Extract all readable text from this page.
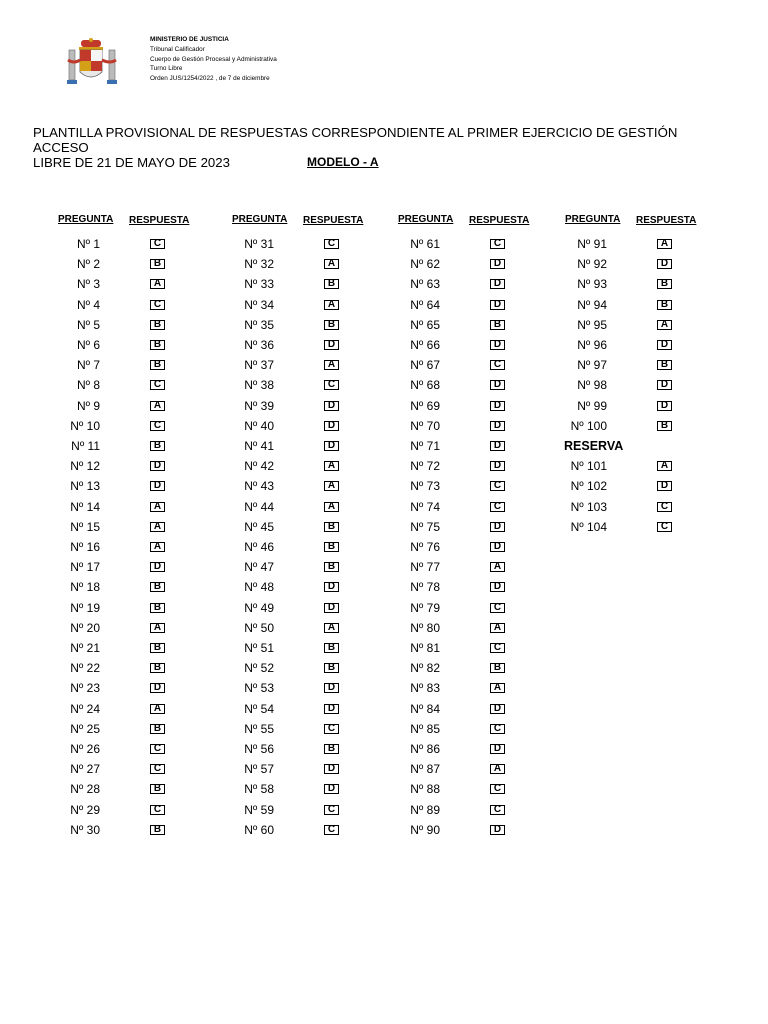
MINISTERIO DE JUSTICIA
Tribunal Calificador
Cuerpo de Gestión Procesal y Administrativa
Turno Libre
Orden JUS/1254/2022 , de 7 de diciembre
PLANTILLA PROVISIONAL DE RESPUESTAS CORRESPONDIENTE AL PRIMER EJERCICIO DE GESTIÓN ACCESO
LIBRE DE 21 DE MAYO DE 2023	MODELO - A
PREGUNTA RESPUESTA	PREGUNTA RESPUESTA	PREGUNTA RESPUESTA	PREGUNTA RESPUESTA
Nº 1	C
Nº 2	B
Nº 3	A
Nº 4	C
Nº 5	B
Nº 6	B
Nº 7	B
Nº 8	C
Nº 9	A
Nº 10	C
Nº 11	B
Nº 12	D
Nº 13	D
Nº 14	A
Nº 15	A
Nº 16	A
Nº 17	D
Nº 18	B
Nº 19	B
Nº 20	A
Nº 21	B
Nº 22	B
Nº 23	D
Nº 24	A
Nº 25	B
Nº 26	C
Nº 27	C
Nº 28	B
Nº 29	C
Nº 30	B
Nº 31	C
Nº 32	A
Nº 33	B
Nº 34	A
Nº 35	B
Nº 36	D
Nº 37	A
Nº 38	C
Nº 39	D
Nº 40	D
Nº 41	D
Nº 42	A
Nº 43	A
Nº 44	A
Nº 45	B
Nº 46	B
Nº 47	B
Nº 48	D
Nº 49	D
Nº 50	A
Nº 51	B
Nº 52	B
Nº 53	D
Nº 54	D
Nº 55	C
Nº 56	B
Nº 57	D
Nº 58	D
Nº 59	C
Nº 60	C
Nº 61	C
Nº 62	D
Nº 63	D
Nº 64	D
Nº 65	B
Nº 66	D
Nº 67	C
Nº 68	D
Nº 69	D
Nº 70	D
Nº 71	D
Nº 72	D
Nº 73	C
Nº 74	C
Nº 75	D
Nº 76	D
Nº 77	A
Nº 78	D
Nº 79	C
Nº 80	A
Nº 81	C
Nº 82	B
Nº 83	A
Nº 84	D
Nº 85	C
Nº 86	D
Nº 87	A
Nº 88	C
Nº 89	C
Nº 90	D
Nº 91	A
Nº 92	D
Nº 93	B
Nº 94	B
Nº 95	A
Nº 96	D
Nº 97	B
Nº 98	D
Nº 99	D
Nº 100	B
RESERVA
Nº 101	A
Nº 102	D
Nº 103	C
Nº 104	C
